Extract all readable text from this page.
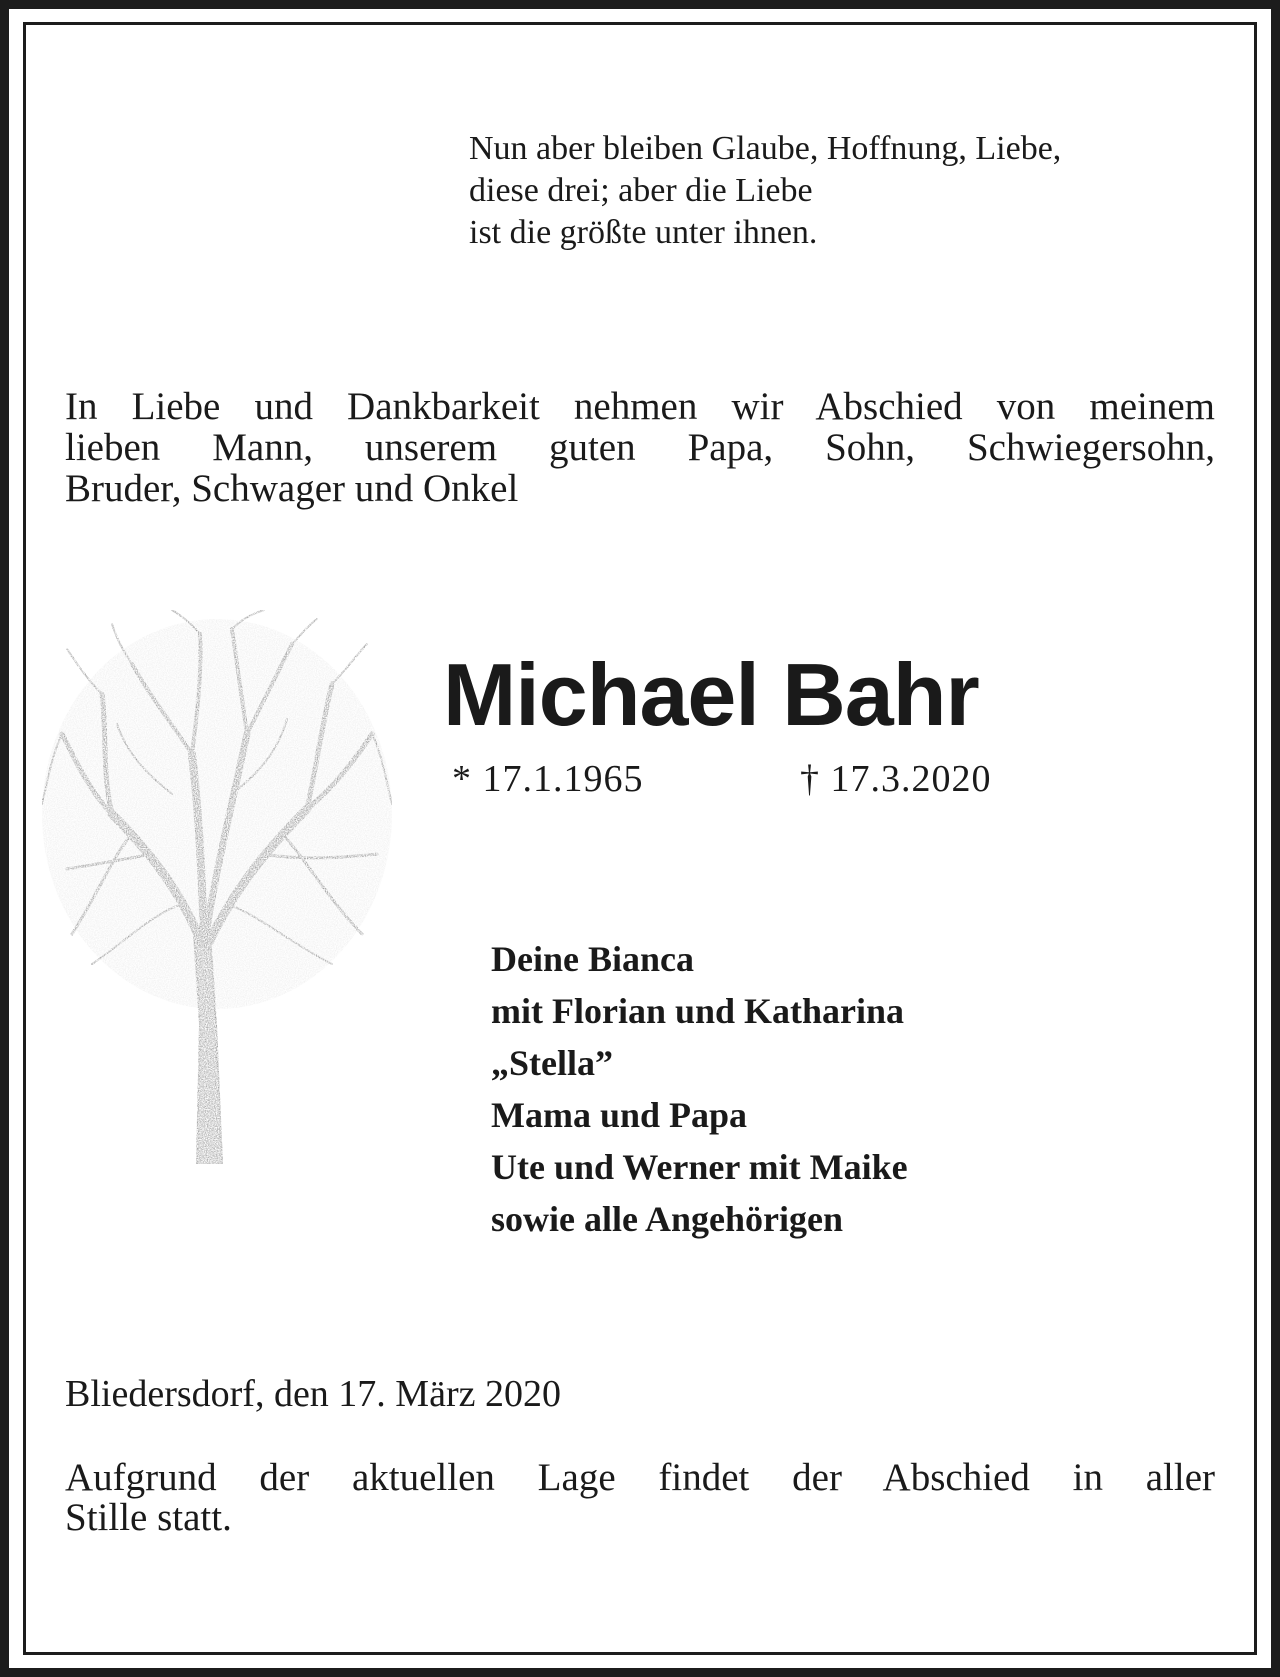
Nun aber bleiben Glaube, Hoffnung, Liebe,
diese drei; aber die Liebe
ist die größte unter ihnen.
In Liebe und Dankbarkeit nehmen wir Abschied von meinem
lieben Mann, unserem guten Papa, Sohn, Schwiegersohn,
Bruder, Schwager und Onkel
Michael Bahr
* 17.1.1965	† 17.3.2020
Deine Bianca
mit Florian und Katharina
„Stella”
Mama und Papa
Ute und Werner mit Maike
sowie alle Angehörigen
Bliedersdorf, den 17. März 2020
Aufgrund der aktuellen Lage findet der Abschied in aller
Stille statt.
